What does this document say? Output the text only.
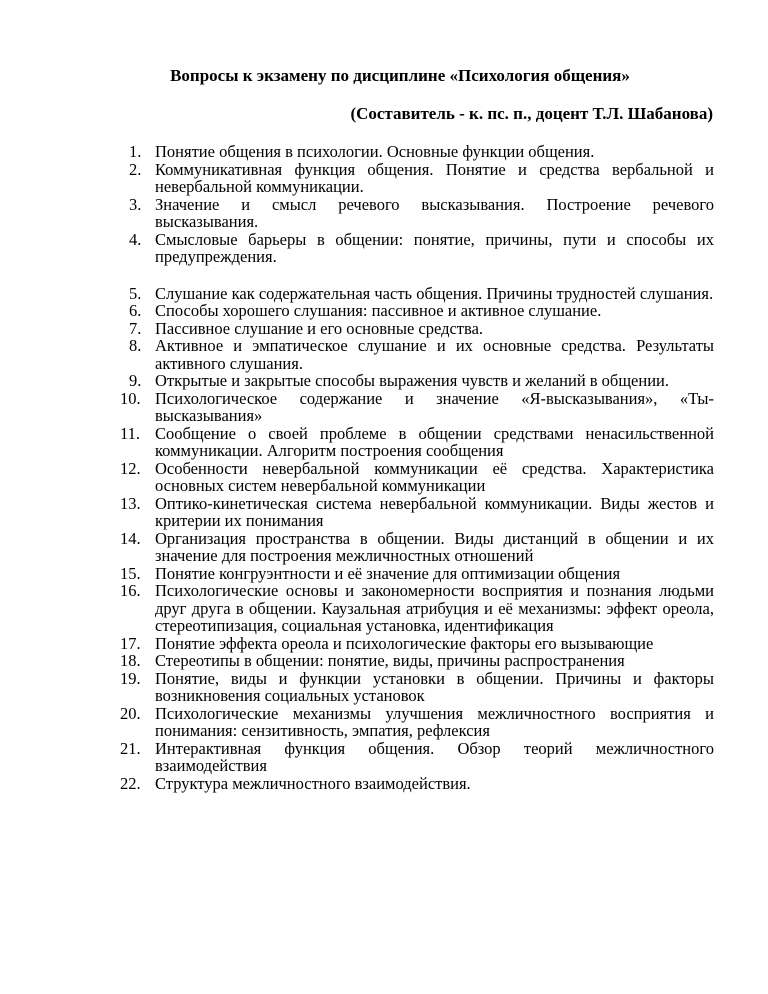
Вопросы к экзамену по дисциплине «Психология общения»
(Составитель - к. пс. п., доцент Т.Л. Шабанова)
1. Понятие общения в психологии. Основные функции общения.
2. Коммуникативная функция общения. Понятие и средства вербальной и невербальной коммуникации.
3. Значение и смысл речевого высказывания. Построение речевого высказывания.
4. Смысловые барьеры в общении: понятие, причины, пути и способы их предупреждения.
5. Слушание как содержательная часть общения. Причины трудностей слушания.
6. Способы хорошего слушания: пассивное и активное слушание.
7. Пассивное слушание и его основные средства.
8. Активное и эмпатическое слушание и их основные средства. Результаты активного слушания.
9. Открытые и закрытые способы выражения чувств и желаний в общении.
10. Психологическое содержание и значение «Я-высказывания», «Ты-высказывания»
11. Сообщение о своей проблеме в общении средствами ненасильственной коммуникации. Алгоритм построения сообщения
12. Особенности невербальной коммуникации её средства. Характеристика основных систем невербальной коммуникации
13. Оптико-кинетическая система невербальной коммуникации. Виды жестов и критерии их понимания
14. Организация пространства в общении. Виды дистанций в общении и их значение для построения межличностных отношений
15. Понятие конгруэнтности и её значение для оптимизации общения
16. Психологические основы и закономерности восприятия и познания людьми друг друга в общении. Каузальная атрибуция и её механизмы: эффект ореола, стереотипизация, социальная установка, идентификация
17. Понятие эффекта ореола и психологические факторы его вызывающие
18. Стереотипы в общении: понятие, виды, причины распространения
19. Понятие, виды и функции установки в общении. Причины и факторы возникновения социальных установок
20. Психологические механизмы улучшения межличностного восприятия и понимания: сензитивность, эмпатия, рефлексия
21. Интерактивная функция общения. Обзор теорий межличностного взаимодействия
22. Структура межличностного взаимодействия.
